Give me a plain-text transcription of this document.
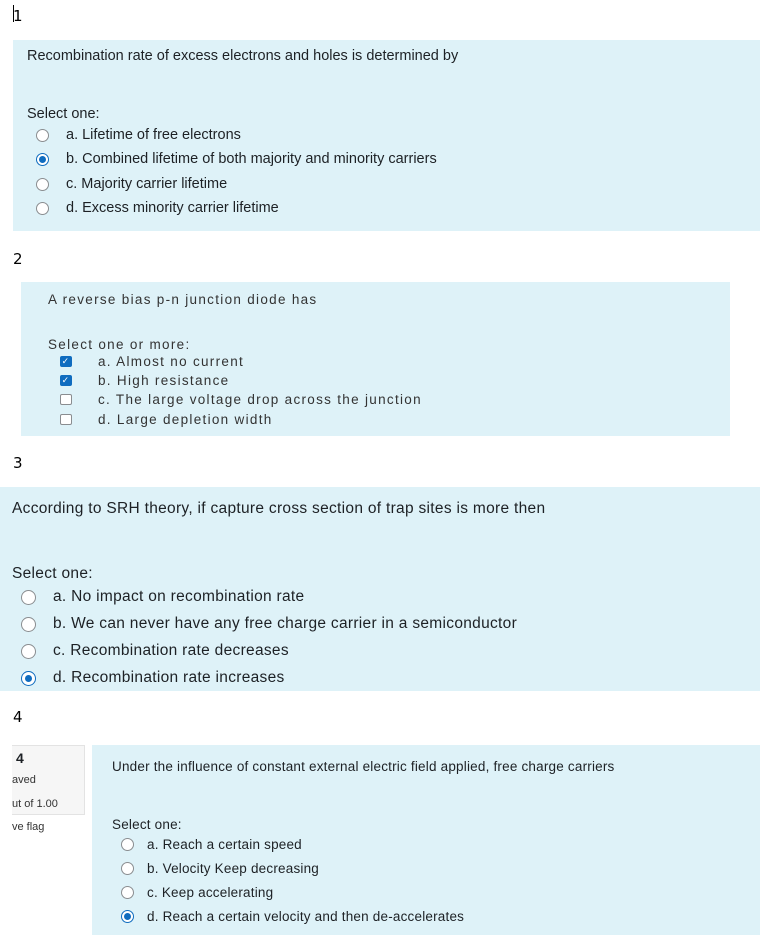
1
Recombination rate of excess electrons and holes is determined by
Select one:
a. Lifetime of free electrons
b. Combined lifetime of both majority and minority carriers
c. Majority carrier lifetime
d. Excess minority carrier lifetime
2
A reverse bias p-n junction diode has
Select one or more:
✓ a. Almost no current
✓ b. High resistance
c. The large voltage drop across the junction
d. Large depletion width
3
According to SRH theory, if capture cross section of trap sites is more then
Select one:
a. No impact on recombination rate
b. We can never have any free charge carrier in a semiconductor
c. Recombination rate decreases
d. Recombination rate increases
4
4
aved
ut of 1.00
ve flag
Under the influence of constant external electric field applied, free charge carriers
Select one:
a. Reach a certain speed
b. Velocity Keep decreasing
c. Keep accelerating
d. Reach a certain velocity and then de-accelerates
